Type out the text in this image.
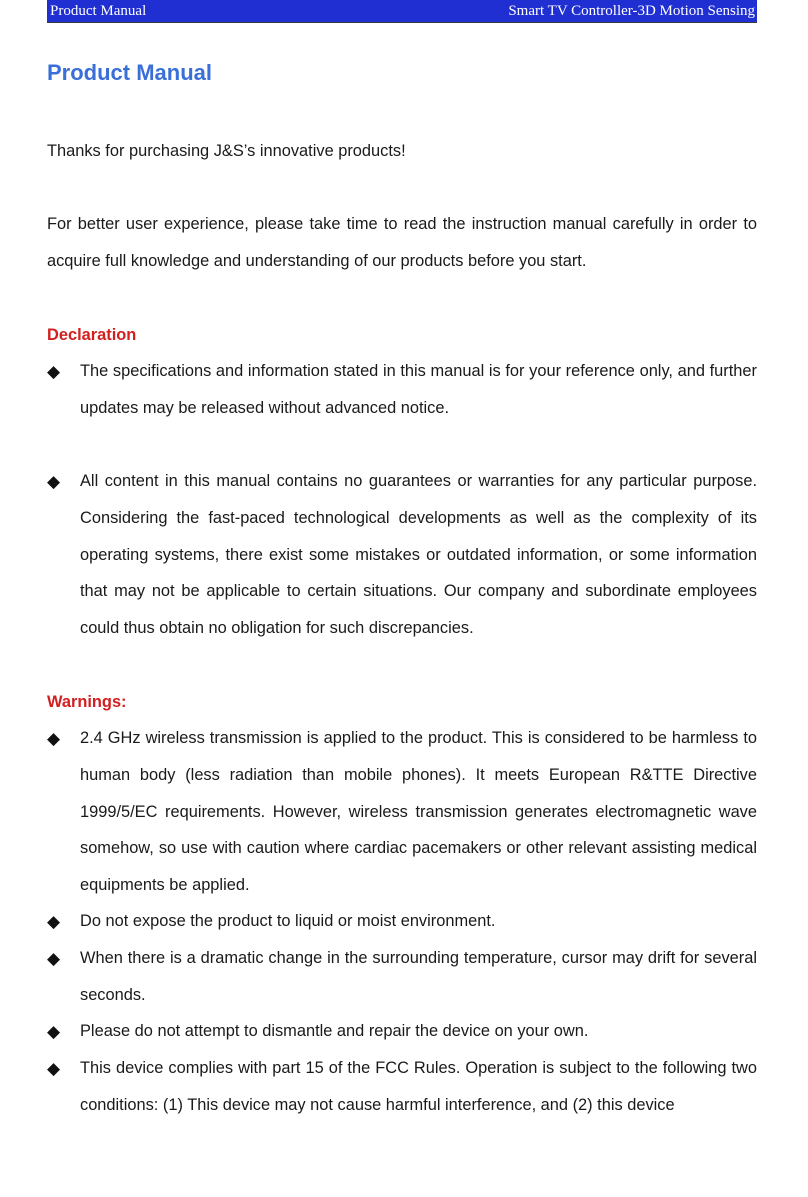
Product Manual	Smart TV Controller-3D Motion Sensing
Product Manual

Thanks for purchasing J&S’s innovative products!

For better user experience, please take time to read the instruction manual carefully in order to acquire full knowledge and understanding of our products before you start.

Declaration
◆	The specifications and information stated in this manual is for your reference only, and further updates may be released without advanced notice.

◆	All content in this manual contains no guarantees or warranties for any particular purpose. Considering the fast-paced technological developments as well as the complexity of its operating systems, there exist some mistakes or outdated information, or some information that may not be applicable to certain situations. Our company and subordinate employees could thus obtain no obligation for such discrepancies.

Warnings:
◆	2.4 GHz wireless transmission is applied to the product. This is considered to be harmless to human body (less radiation than mobile phones). It meets European R&TTE Directive 1999/5/EC requirements. However, wireless transmission generates electromagnetic wave somehow, so use with caution where cardiac pacemakers or other relevant assisting medical equipments be applied.

◆	Do not expose the product to liquid or moist environment.

◆	When there is a dramatic change in the surrounding temperature, cursor may drift for several seconds.

◆	Please do not attempt to dismantle and repair the device on your own.

◆	This device complies with part 15 of the FCC Rules. Operation is subject to the following two conditions: (1) This device may not cause harmful interference, and (2) this device
